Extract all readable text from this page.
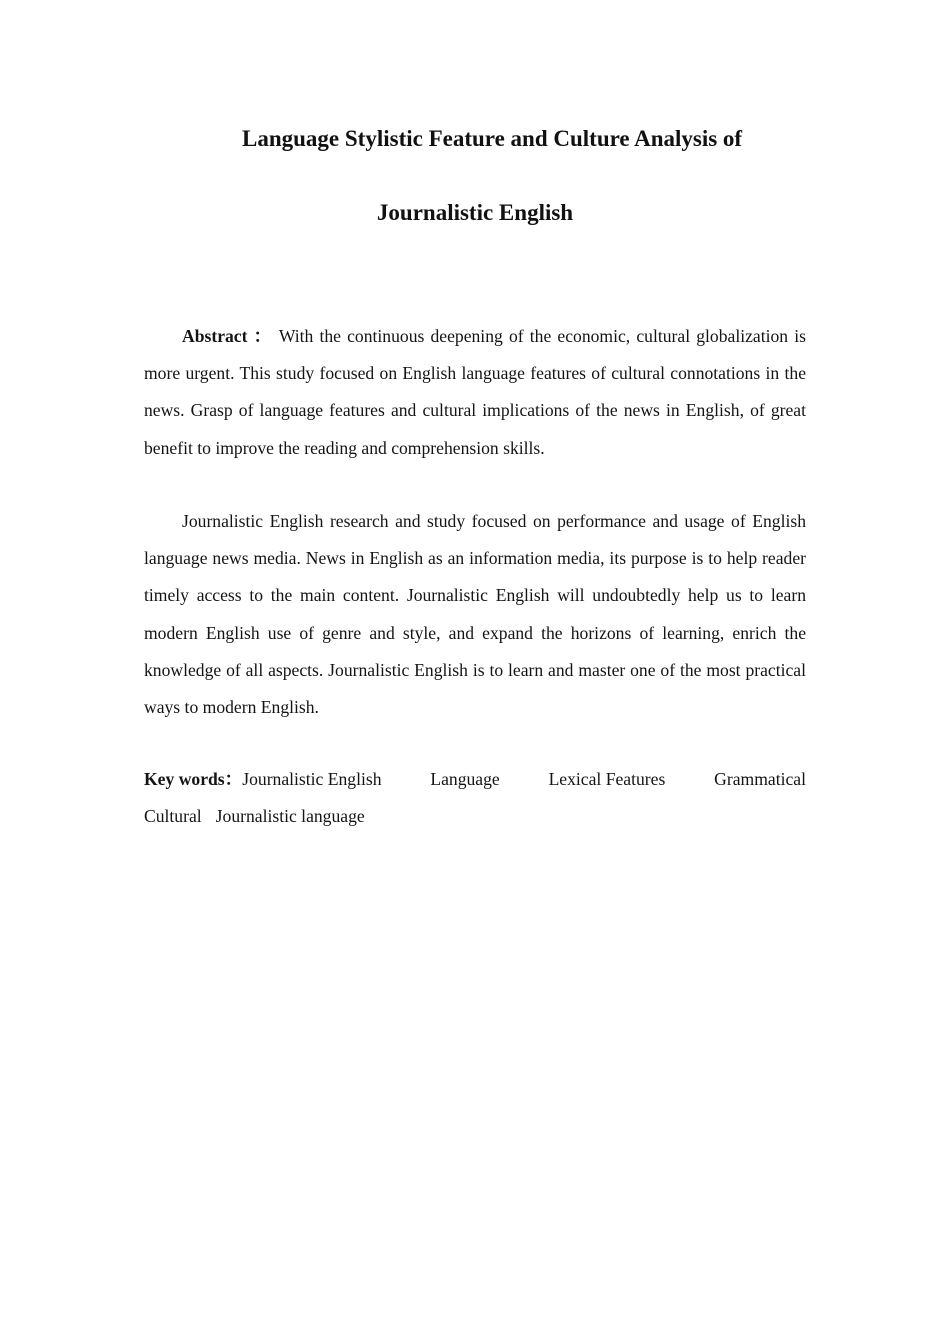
Language Stylistic Feature and Culture Analysis of
Journalistic English

Abstract ： With the continuous deepening of the economic, cultural globalization is more urgent. This study focused on English language features of cultural connotations in the news. Grasp of language features and cultural implications of the news in English, of great benefit to improve the reading and comprehension skills.

Journalistic English research and study focused on performance and usage of English language news media. News in English as an information media, its purpose is to help reader timely access to the main content. Journalistic English will undoubtedly help us to learn modern English use of genre and style, and expand the horizons of learning, enrich the knowledge of all aspects. Journalistic English is to learn and master one of the most practical ways to modern English.

Key words：Journalistic English	Language	Lexical Features	Grammatical
Cultural Journalistic language
